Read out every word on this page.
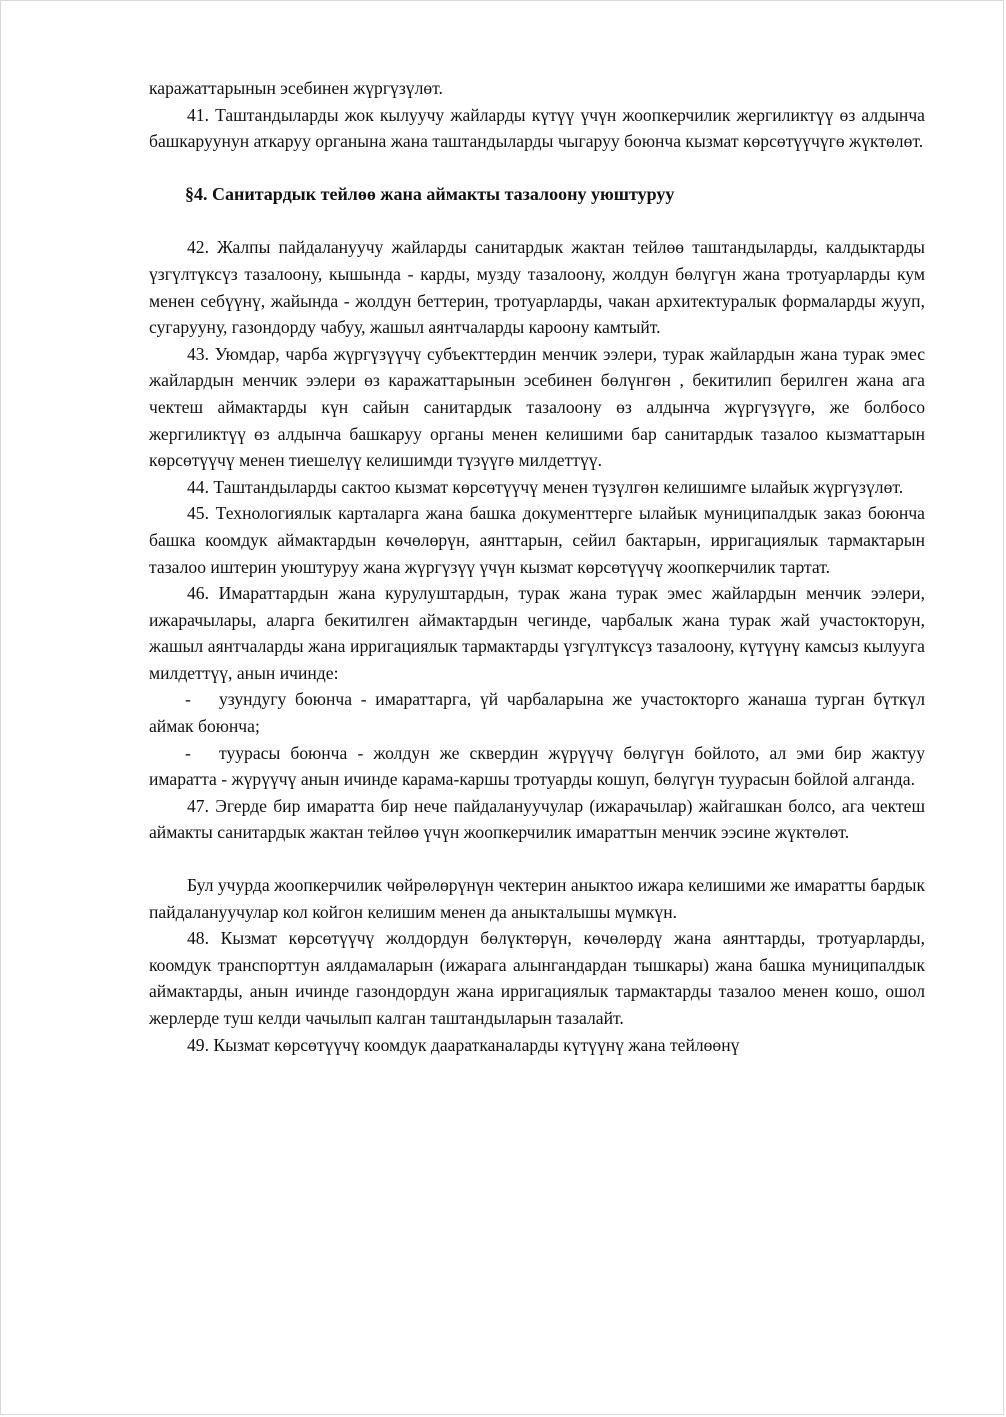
каражаттарынын эсебинен жүргүзүлөт.

41. Таштандыларды жок кылуучу жайларды күтүү үчүн жоопкерчилик жергиликтүү өз алдынча башкаруунун аткаруу органына жана таштандыларды чыгаруу боюнча кызмат көрсөтүүчүгө жүктөлөт.

§4. Санитардык тейлөө жана аймакты тазалоону уюштуруу

42. Жалпы пайдалануучу жайларды санитардык жактан тейлөө таштандыларды, калдыктарды үзгүлтүксүз тазалоону, кышында - карды, музду тазалоону, жолдун бөлүгүн жана тротуарларды кум менен себүүнү, жайында - жолдун беттерин, тротуарларды, чакан архитектуралык формаларды жууп, сугарууну, газондорду чабуу, жашыл аянтчаларды кароону камтыйт.

43. Уюмдар, чарба жүргүзүүчү субъекттердин менчик ээлери, турак жайлардын жана турак эмес жайлардын менчик ээлери өз каражаттарынын эсебинен бөлүнгөн , бекитилип берилген жана ага чектеш аймактарды күн сайын санитардык тазалоону өз алдынча жүргүзүүгө, же болбосо жергиликтүү өз алдынча башкаруу органы менен келишими бар санитардык тазалоо кызматтарын көрсөтүүчү менен тиешелүү келишимди түзүүгө милдеттүү.

44. Таштандыларды сактоо кызмат көрсөтүүчү менен түзүлгөн келишимге ылайык жүргүзүлөт.

45. Технологиялык карталарга жана башка документтерге ылайык муниципалдык заказ боюнча башка коомдук аймактардын көчөлөрүн, аянттарын, сейил бактарын, ирригациялык тармактарын тазалоо иштерин уюштуруу жана жүргүзүү үчүн кызмат көрсөтүүчү жоопкерчилик тартат.

46. Имараттардын жана курулуштардын, турак жана турак эмес жайлардын менчик ээлери, ижарачылары, аларга бекитилген аймактардын чегинде, чарбалык жана турак жай участокторун, жашыл аянтчаларды жана ирригациялык тармактарды үзгүлтүксүз тазалоону, күтүүнү камсыз кылууга милдеттүү, анын ичинде:

- узундугу боюнча - имараттарга, үй чарбаларына же участокторго жанаша турган бүткүл аймак боюнча;

- туурасы боюнча - жолдун же сквердин жүрүүчү бөлүгүн бойлото, ал эми бир жактуу имаратта - жүрүүчү анын ичинде карама-каршы тротуарды кошуп, бөлүгүн туурасын бойлой алганда.

47. Эгерде бир имаратта бир нече пайдалануучулар (ижарачылар) жайгашкан болсо, ага чектеш аймакты санитардык жактан тейлөө үчүн жоопкерчилик имараттын менчик ээсине жүктөлөт.

Бул учурда жоопкерчилик чөйрөлөрүнүн чектерин аныктоо ижара келишими же имаратты бардык пайдалануучулар кол койгон келишим менен да аныкталышы мүмкүн.

48. Кызмат көрсөтүүчү жолдордун бөлүктөрүн, көчөлөрдү жана аянттарды, тротуарларды, коомдук транспорттун аялдамаларын (ижарага алынгандардан тышкары) жана башка муниципалдык аймактарды, анын ичинде газондордун жана ирригациялык тармактарды тазалоо менен кошо, ошол жерлерде туш келди чачылып калган таштандыларын тазалайт.

49. Кызмат көрсөтүүчү коомдук дааратканаларды күтүүнү жана тейлөөнү
